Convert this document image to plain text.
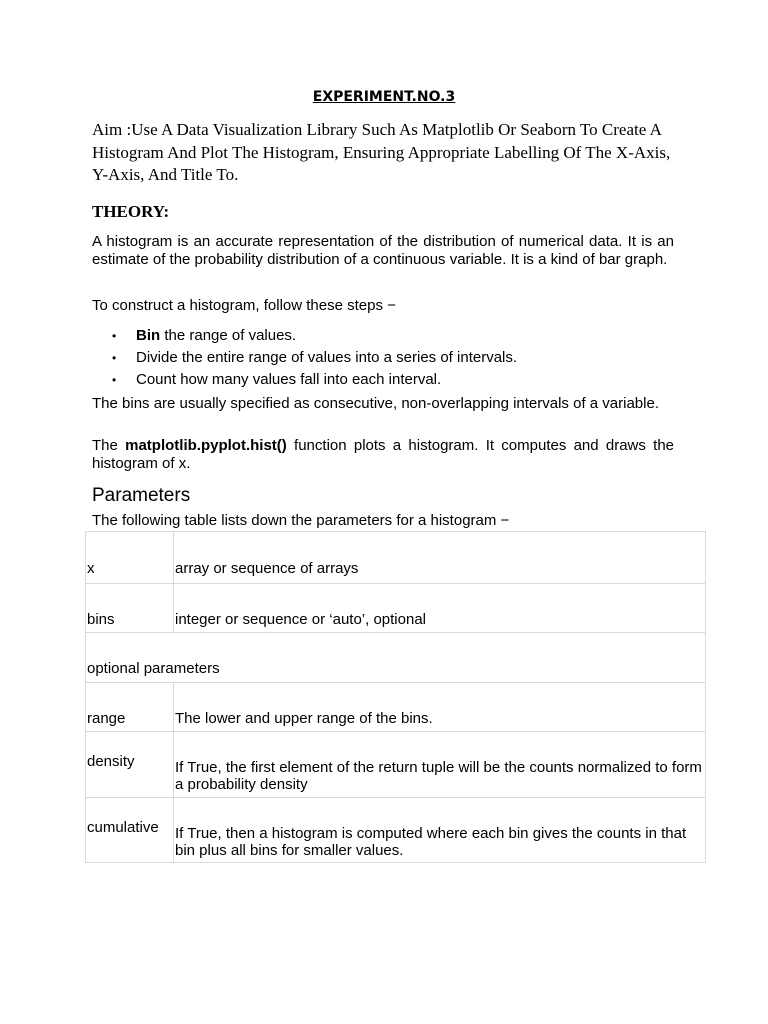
EXPERIMENT.NO.3
Aim :Use A Data Visualization Library Such As Matplotlib Or Seaborn To Create A Histogram And Plot The Histogram, Ensuring Appropriate Labelling Of The X-Axis, Y-Axis, And Title To.
THEORY:
A histogram is an accurate representation of the distribution of numerical data. It is an estimate of the probability distribution of a continuous variable. It is a kind of bar graph.
To construct a histogram, follow these steps −
• Bin the range of values.
• Divide the entire range of values into a series of intervals.
• Count how many values fall into each interval.
The bins are usually specified as consecutive, non-overlapping intervals of a variable.
The matplotlib.pyplot.hist() function plots a histogram. It computes and draws the histogram of x.
Parameters
The following table lists down the parameters for a histogram −
x	array or sequence of arrays
bins	integer or sequence or ‘auto’, optional
optional parameters	
range	The lower and upper range of the bins.
density	If True, the first element of the return tuple will be the counts normalized to form a probability density
cumulative	If True, then a histogram is computed where each bin gives the counts in that bin plus all bins for smaller values.
